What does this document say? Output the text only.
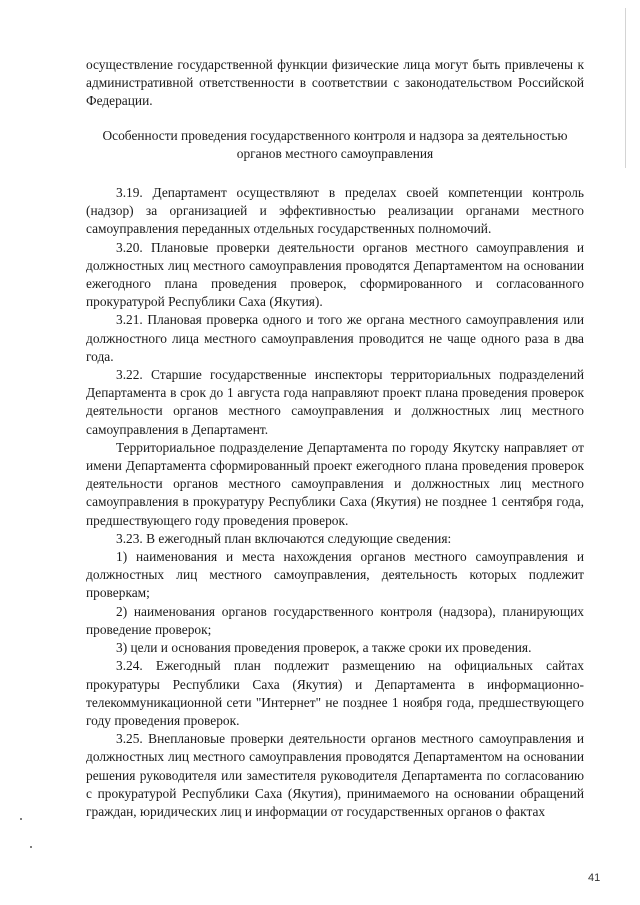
осуществление государственной функции физические лица могут быть привлечены к административной ответственности в соответствии с законодательством Российской Федерации.

Особенности проведения государственного контроля и надзора за деятельностью органов местного самоуправления

3.19. Департамент осуществляют в пределах своей компетенции контроль (надзор) за организацией и эффективностью реализации органами местного самоуправления переданных отдельных государственных полномочий.

3.20. Плановые проверки деятельности органов местного самоуправления и должностных лиц местного самоуправления проводятся Департаментом на основании ежегодного плана проведения проверок, сформированного и согласованного прокуратурой Республики Саха (Якутия).

3.21. Плановая проверка одного и того же органа местного самоуправления или должностного лица местного самоуправления проводится не чаще одного раза в два года.

3.22. Старшие государственные инспекторы территориальных подразделений Департамента в срок до 1 августа года направляют проект плана проведения проверок деятельности органов местного самоуправления и должностных лиц местного самоуправления в Департамент.

Территориальное подразделение Департамента по городу Якутску направляет от имени Департамента сформированный проект ежегодного плана проведения проверок деятельности органов местного самоуправления и должностных лиц местного самоуправления в прокуратуру Республики Саха (Якутия) не позднее 1 сентября года, предшествующего году проведения проверок.

3.23. В ежегодный план включаются следующие сведения:

1) наименования и места нахождения органов местного самоуправления и должностных лиц местного самоуправления, деятельность которых подлежит проверкам;

2) наименования органов государственного контроля (надзора), планирующих проведение проверок;

3) цели и основания проведения проверок, а также сроки их проведения.

3.24. Ежегодный план подлежит размещению на официальных сайтах прокуратуры Республики Саха (Якутия) и Департамента в информационно-телекоммуникационной сети "Интернет" не позднее 1 ноября года, предшествующего году проведения проверок.

3.25. Внеплановые проверки деятельности органов местного самоуправления и должностных лиц местного самоуправления проводятся Департаментом на основании решения руководителя или заместителя руководителя Департамента по согласованию с прокуратурой Республики Саха (Якутия), принимаемого на основании обращений граждан, юридических лиц и информации от государственных органов о фактах

41
